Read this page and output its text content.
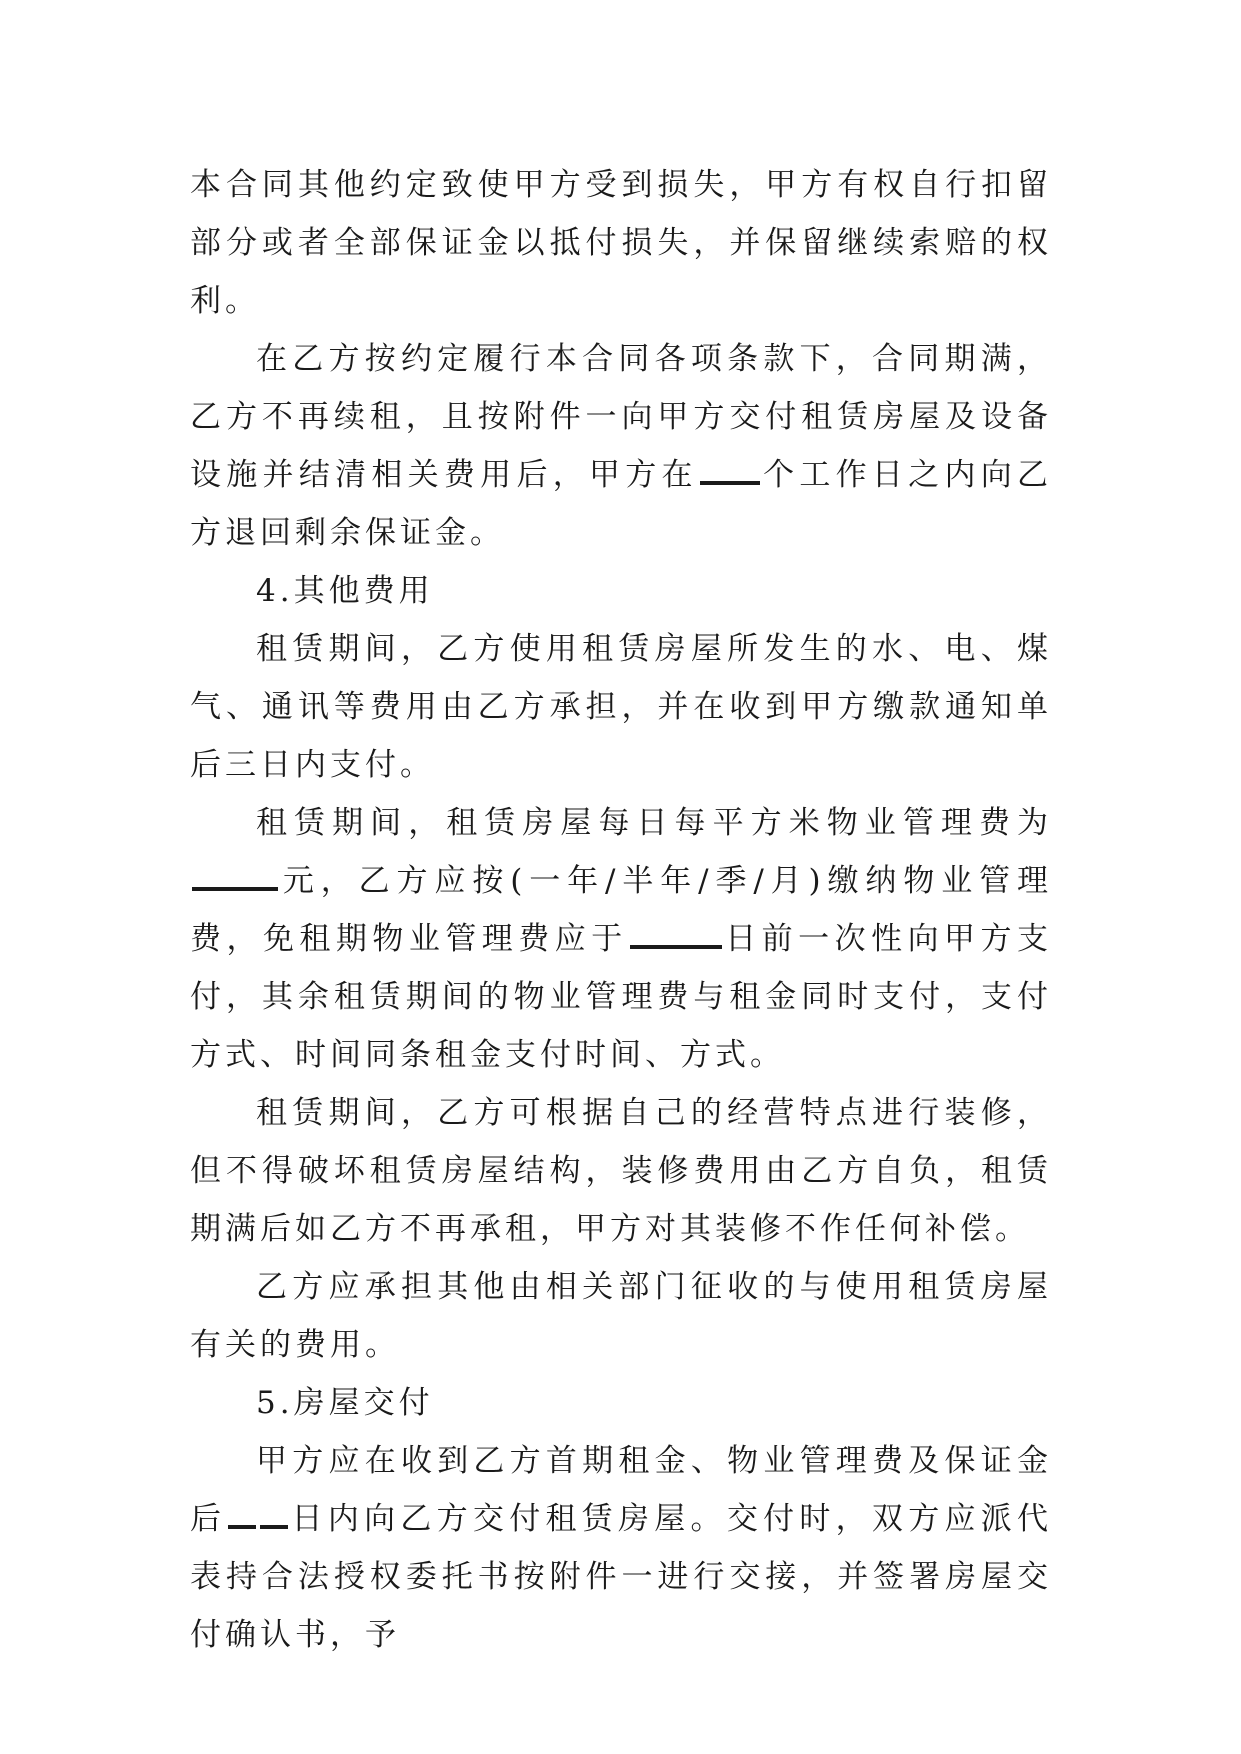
本合同其他约定致使甲方受到损失，甲方有权自行扣留部分或者全部保证金以抵付损失，并保留继续索赔的权利。

在乙方按约定履行本合同各项条款下，合同期满，乙方不再续租，且按附件一向甲方交付租赁房屋及设备设施并结清相关费用后，甲方在 个工作日之内向乙方退回剩余保证金。

4.其他费用

租赁期间，乙方使用租赁房屋所发生的水、电、煤气、通讯等费用由乙方承担，并在收到甲方缴款通知单后三日内支付。

租赁期间，租赁房屋每日每平方米物业管理费为元，乙方应按(一年/半年/季/月)缴纳物业管理费，免租期物业管理费应于	日前一次性向甲方支付，其余租赁期间的物业管理费与租金同时支付，支付方式、时间同条租金支付时间、方式。

租赁期间，乙方可根据自己的经营特点进行装修，但不得破坏租赁房屋结构，装修费用由乙方自负，租赁期满后如乙方不再承租，甲方对其装修不作任何补偿。

乙方应承担其他由相关部门征收的与使用租赁房屋有关的费用。

5.房屋交付

甲方应在收到乙方首期租金、物业管理费及保证金后 日内向乙方交付租赁房屋。交付时，双方应派代表持合法授权委托书按附件一进行交接，并签署房屋交付确认书，予
